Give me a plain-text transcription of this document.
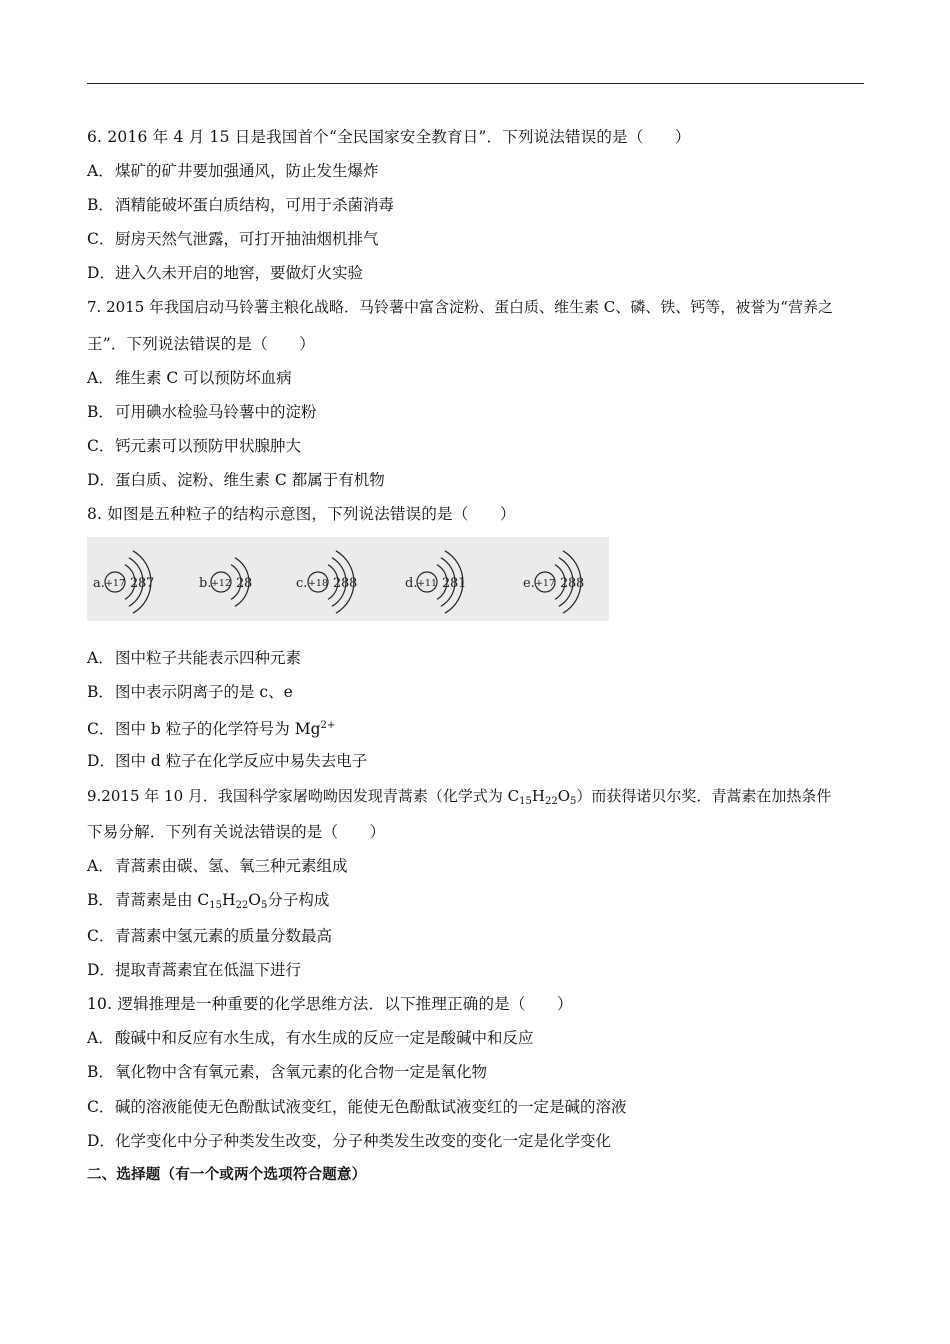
6. 2016 年 4 月 15 日是我国首个“全民国家安全教育日”．下列说法错误的是（　　）
A．煤矿的矿井要加强通风，防止发生爆炸
B．酒精能破坏蛋白质结构，可用于杀菌消毒
C．厨房天然气泄露，可打开抽油烟机排气
D．进入久未开启的地窖，要做灯火实验
7. 2015 年我国启动马铃薯主粮化战略．马铃薯中富含淀粉、蛋白质、维生素 C、磷、铁、钙等，被誉为“营养之
王”．下列说法错误的是（　　）
A．维生素 C 可以预防坏血病
B．可用碘水检验马铃薯中的淀粉
C．钙元素可以预防甲状腺肿大
D．蛋白质、淀粉、维生素 C 都属于有机物
8. 如图是五种粒子的结构示意图，下列说法错误的是（　　）
a. +17 2 8 7	b. +12 2 8	c. +18 2 8 8	d. +11 2 8 1	e. +17 2 8 8
A．图中粒子共能表示四种元素
B．图中表示阴离子的是 c、e
C．图中 b 粒子的化学符号为 $Mg^{2+}$
D．图中 d 粒子在化学反应中易失去电子
9.2015 年 10 月．我国科学家屠呦呦因发现青蒿素（化学式为 $C_{15}H_{22}O_5$）而获得诺贝尔奖．青蒿素在加热条件
下易分解．下列有关说法错误的是（　　）
A．青蒿素由碳、氢、氧三种元素组成
B．青蒿素是由 $C_{15}H_{22}O_5$分子构成
C．青蒿素中氢元素的质量分数最高
D．提取青蒿素宜在低温下进行
10. 逻辑推理是一种重要的化学思维方法．以下推理正确的是（　　）
A．酸碱中和反应有水生成，有水生成的反应一定是酸碱中和反应
B．氧化物中含有氧元素，含氧元素的化合物一定是氧化物
C．碱的溶液能使无色酚酞试液变红，能使无色酚酞试液变红的一定是碱的溶液
D．化学变化中分子种类发生改变，分子种类发生改变的变化一定是化学变化
二、选择题（有一个或两个选项符合题意）
